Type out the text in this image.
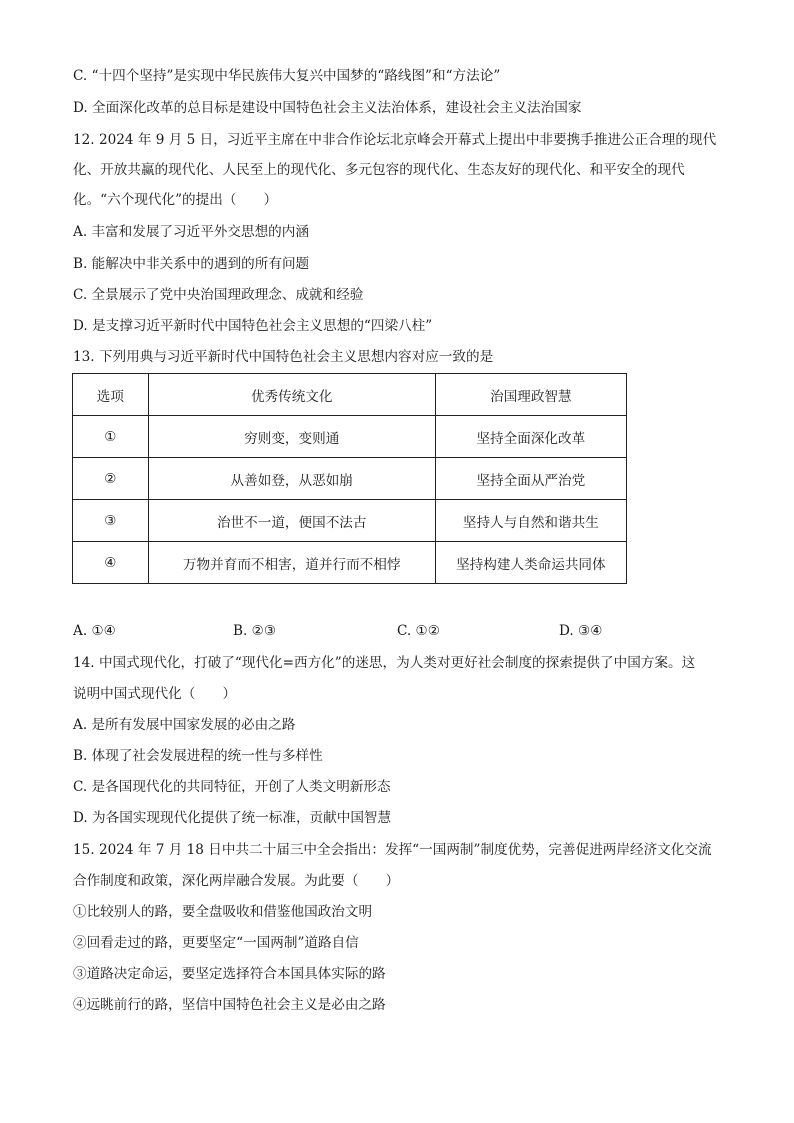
C. “十四个坚持”是实现中华民族伟大复兴中国梦的“路线图”和“方法论”
D. 全面深化改革的总目标是建设中国特色社会主义法治体系，建设社会主义法治国家
12. 2024 年 9 月 5 日，习近平主席在中非合作论坛北京峰会开幕式上提出中非要携手推进公正合理的现代
化、开放共赢的现代化、人民至上的现代化、多元包容的现代化、生态友好的现代化、和平安全的现代
化。“六个现代化”的提出（　　）
A. 丰富和发展了习近平外交思想的内涵
B. 能解决中非关系中的遇到的所有问题
C. 全景展示了党中央治国理政理念、成就和经验
D. 是支撑习近平新时代中国特色社会主义思想的“四梁八柱”
13. 下列用典与习近平新时代中国特色社会主义思想内容对应一致的是
选项	优秀传统文化	治国理政智慧
①	穷则变，变则通	坚持全面深化改革
②	从善如登，从恶如崩	坚持全面从严治党
③	治世不一道，便国不法古	坚持人与自然和谐共生
④	万物并育而不相害，道并行而不相悖	坚持构建人类命运共同体
A. ①④	B. ②③	C. ①②	D. ③④
14. 中国式现代化，打破了“现代化=西方化”的迷思，为人类对更好社会制度的探索提供了中国方案。这
说明中国式现代化（　　）
A. 是所有发展中国家发展的必由之路
B. 体现了社会发展进程的统一性与多样性
C. 是各国现代化的共同特征，开创了人类文明新形态
D. 为各国实现现代化提供了统一标准，贡献中国智慧
15. 2024 年 7 月 18 日中共二十届三中全会指出：发挥“一国两制”制度优势，完善促进两岸经济文化交流
合作制度和政策，深化两岸融合发展。为此要（　　）
①比较别人的路，要全盘吸收和借鉴他国政治文明
②回看走过的路，更要坚定“一国两制”道路自信
③道路决定命运，要坚定选择符合本国具体实际的路
④远眺前行的路，坚信中国特色社会主义是必由之路
